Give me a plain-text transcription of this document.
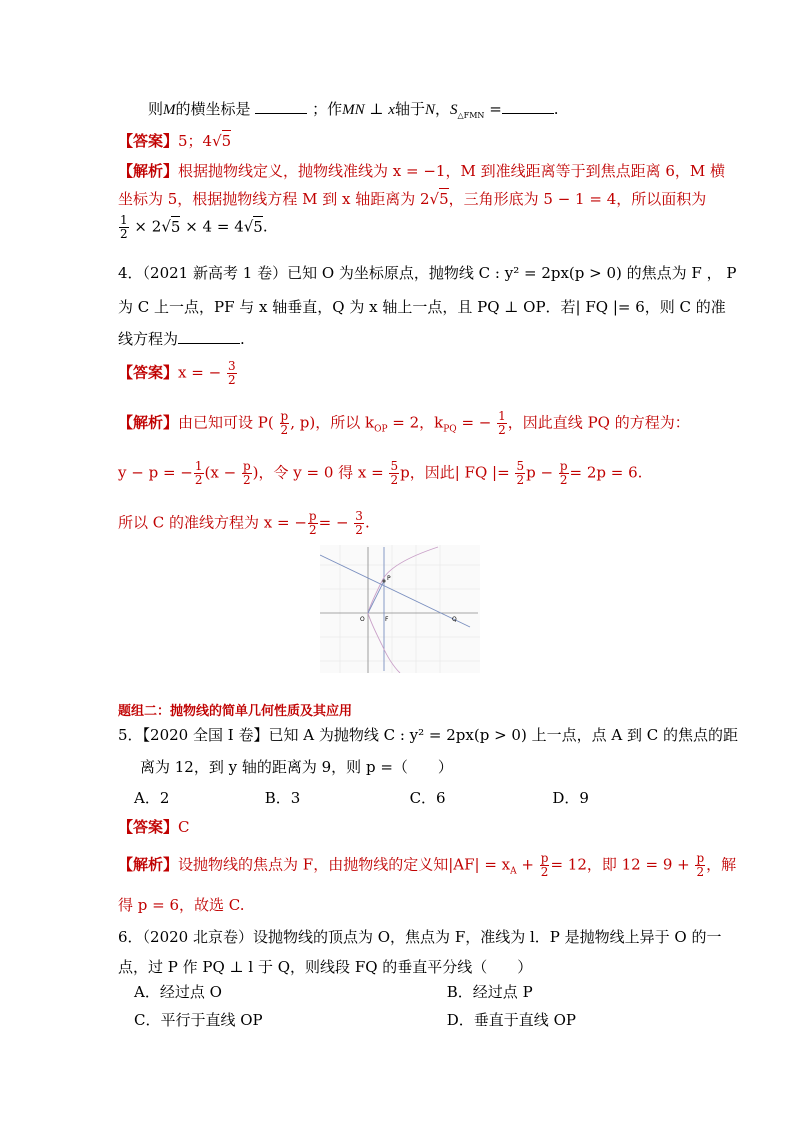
则M的横坐标是	；作MN ⊥ x轴于N，$S_{\triangle FMN}$ =	.
【答案】5；4√5
【解析】根据抛物线定义，抛物线准线为 x = −1，M 到准线距离等于到焦点距离 6，M 横
坐标为 5，根据抛物线方程 M 到 x 轴距离为 2√5，三角形底为 5 − 1 = 4，所以面积为
$\frac{1}{2} \times 2√5 \times 4 = 4√5$.
4．（2021 新高考 1 卷）已知 O 为坐标原点，抛物线 C : y² = 2px(p > 0) 的焦点为 F ， P
为 C 上一点，PF 与 x 轴垂直，Q 为 x 轴上一点，且 PQ ⊥ OP．若| FQ |= 6，则 C 的准
线方程为	.
【答案】x = − $\frac{3}{2}$
【解析】由已知可设 $P( \frac{p}{2}$ , p)，所以 $k_{OP} = 2$，$k_{PQ}$ = − $\frac{1}{2}$ ，因此直线 PQ 的方程为：
y − p = − $\frac{1}{2} (x - \frac{p}{2}$ )，令 y = 0 得 $x = \frac{5}{2}$ p，因此| FQ |= $\frac{5}{2}$ $p - \frac{p}{2} = 2p = 6$.
所以 C 的准线方程为 x = − $\frac{p}{2}$ = − $\frac{3}{2}$ .
P
F	Q
O
题组二：抛物线的简单几何性质及其应用
5．【2020 全国 I 卷】已知 A 为抛物线 C : y² = 2px(p > 0) 上一点，点 A 到 C 的焦点的距
离为 12，到 y 轴的距离为 9，则 p =（　　）
A．2	B．3	C．6	D．9
【答案】C
【解析】设抛物线的焦点为 F，由抛物线的定义知$|AF| = x_A + \frac{p}{2} = 12$，即 $12 = 9 + \frac{p}{2}$ ，解
得 p = 6，故选 C.
6．（2020 北京卷）设抛物线的顶点为 O，焦点为 F，准线为 l．P 是抛物线上异于 O 的一
点，过 P 作 PQ ⊥ l 于 Q，则线段 FQ 的垂直平分线（　　）
A．经过点 O	B．经过点 P
C．平行于直线 OP	D．垂直于直线 OP
